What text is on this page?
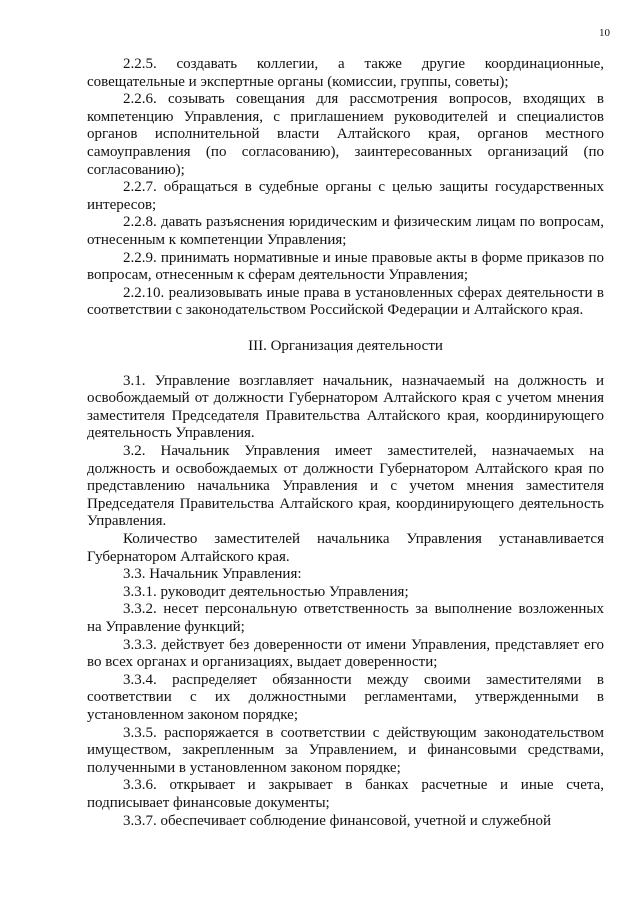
10

2.2.5. создавать коллегии, а также другие координационные, совещательные и экспертные органы (комиссии, группы, советы);

2.2.6. созывать совещания для рассмотрения вопросов, входящих в компетенцию Управления, с приглашением руководителей и специалистов органов исполнительной власти Алтайского края, органов местного самоуправления (по согласованию), заинтересованных организаций (по согласованию);

2.2.7. обращаться в судебные органы с целью защиты государственных интересов;

2.2.8. давать разъяснения юридическим и физическим лицам по вопросам, отнесенным к компетенции Управления;

2.2.9. принимать нормативные и иные правовые акты в форме приказов по вопросам, отнесенным к сферам деятельности Управления;

2.2.10. реализовывать иные права в установленных сферах деятельности в соответствии с законодательством Российской Федерации и Алтайского края.

III. Организация деятельности

3.1. Управление возглавляет начальник, назначаемый на должность и освобождаемый от должности Губернатором Алтайского края с учетом мнения заместителя Председателя Правительства Алтайского края, координирующего деятельность Управления.

3.2. Начальник Управления имеет заместителей, назначаемых на должность и освобождаемых от должности Губернатором Алтайского края по представлению начальника Управления и с учетом мнения заместителя Председателя Правительства Алтайского края, координирующего деятельность Управления.

Количество заместителей начальника Управления устанавливается Губернатором Алтайского края.

3.3. Начальник Управления:

3.3.1. руководит деятельностью Управления;

3.3.2. несет персональную ответственность за выполнение возложенных на Управление функций;

3.3.3. действует без доверенности от имени Управления, представляет его во всех органах и организациях, выдает доверенности;

3.3.4. распределяет обязанности между своими заместителями в соответствии с их должностными регламентами, утвержденными в установленном законом порядке;

3.3.5. распоряжается в соответствии с действующим законодательством имуществом, закрепленным за Управлением, и финансовыми средствами, полученными в установленном законом порядке;

3.3.6. открывает и закрывает в банках расчетные и иные счета, подписывает финансовые документы;

3.3.7. обеспечивает соблюдение финансовой, учетной и служебной
